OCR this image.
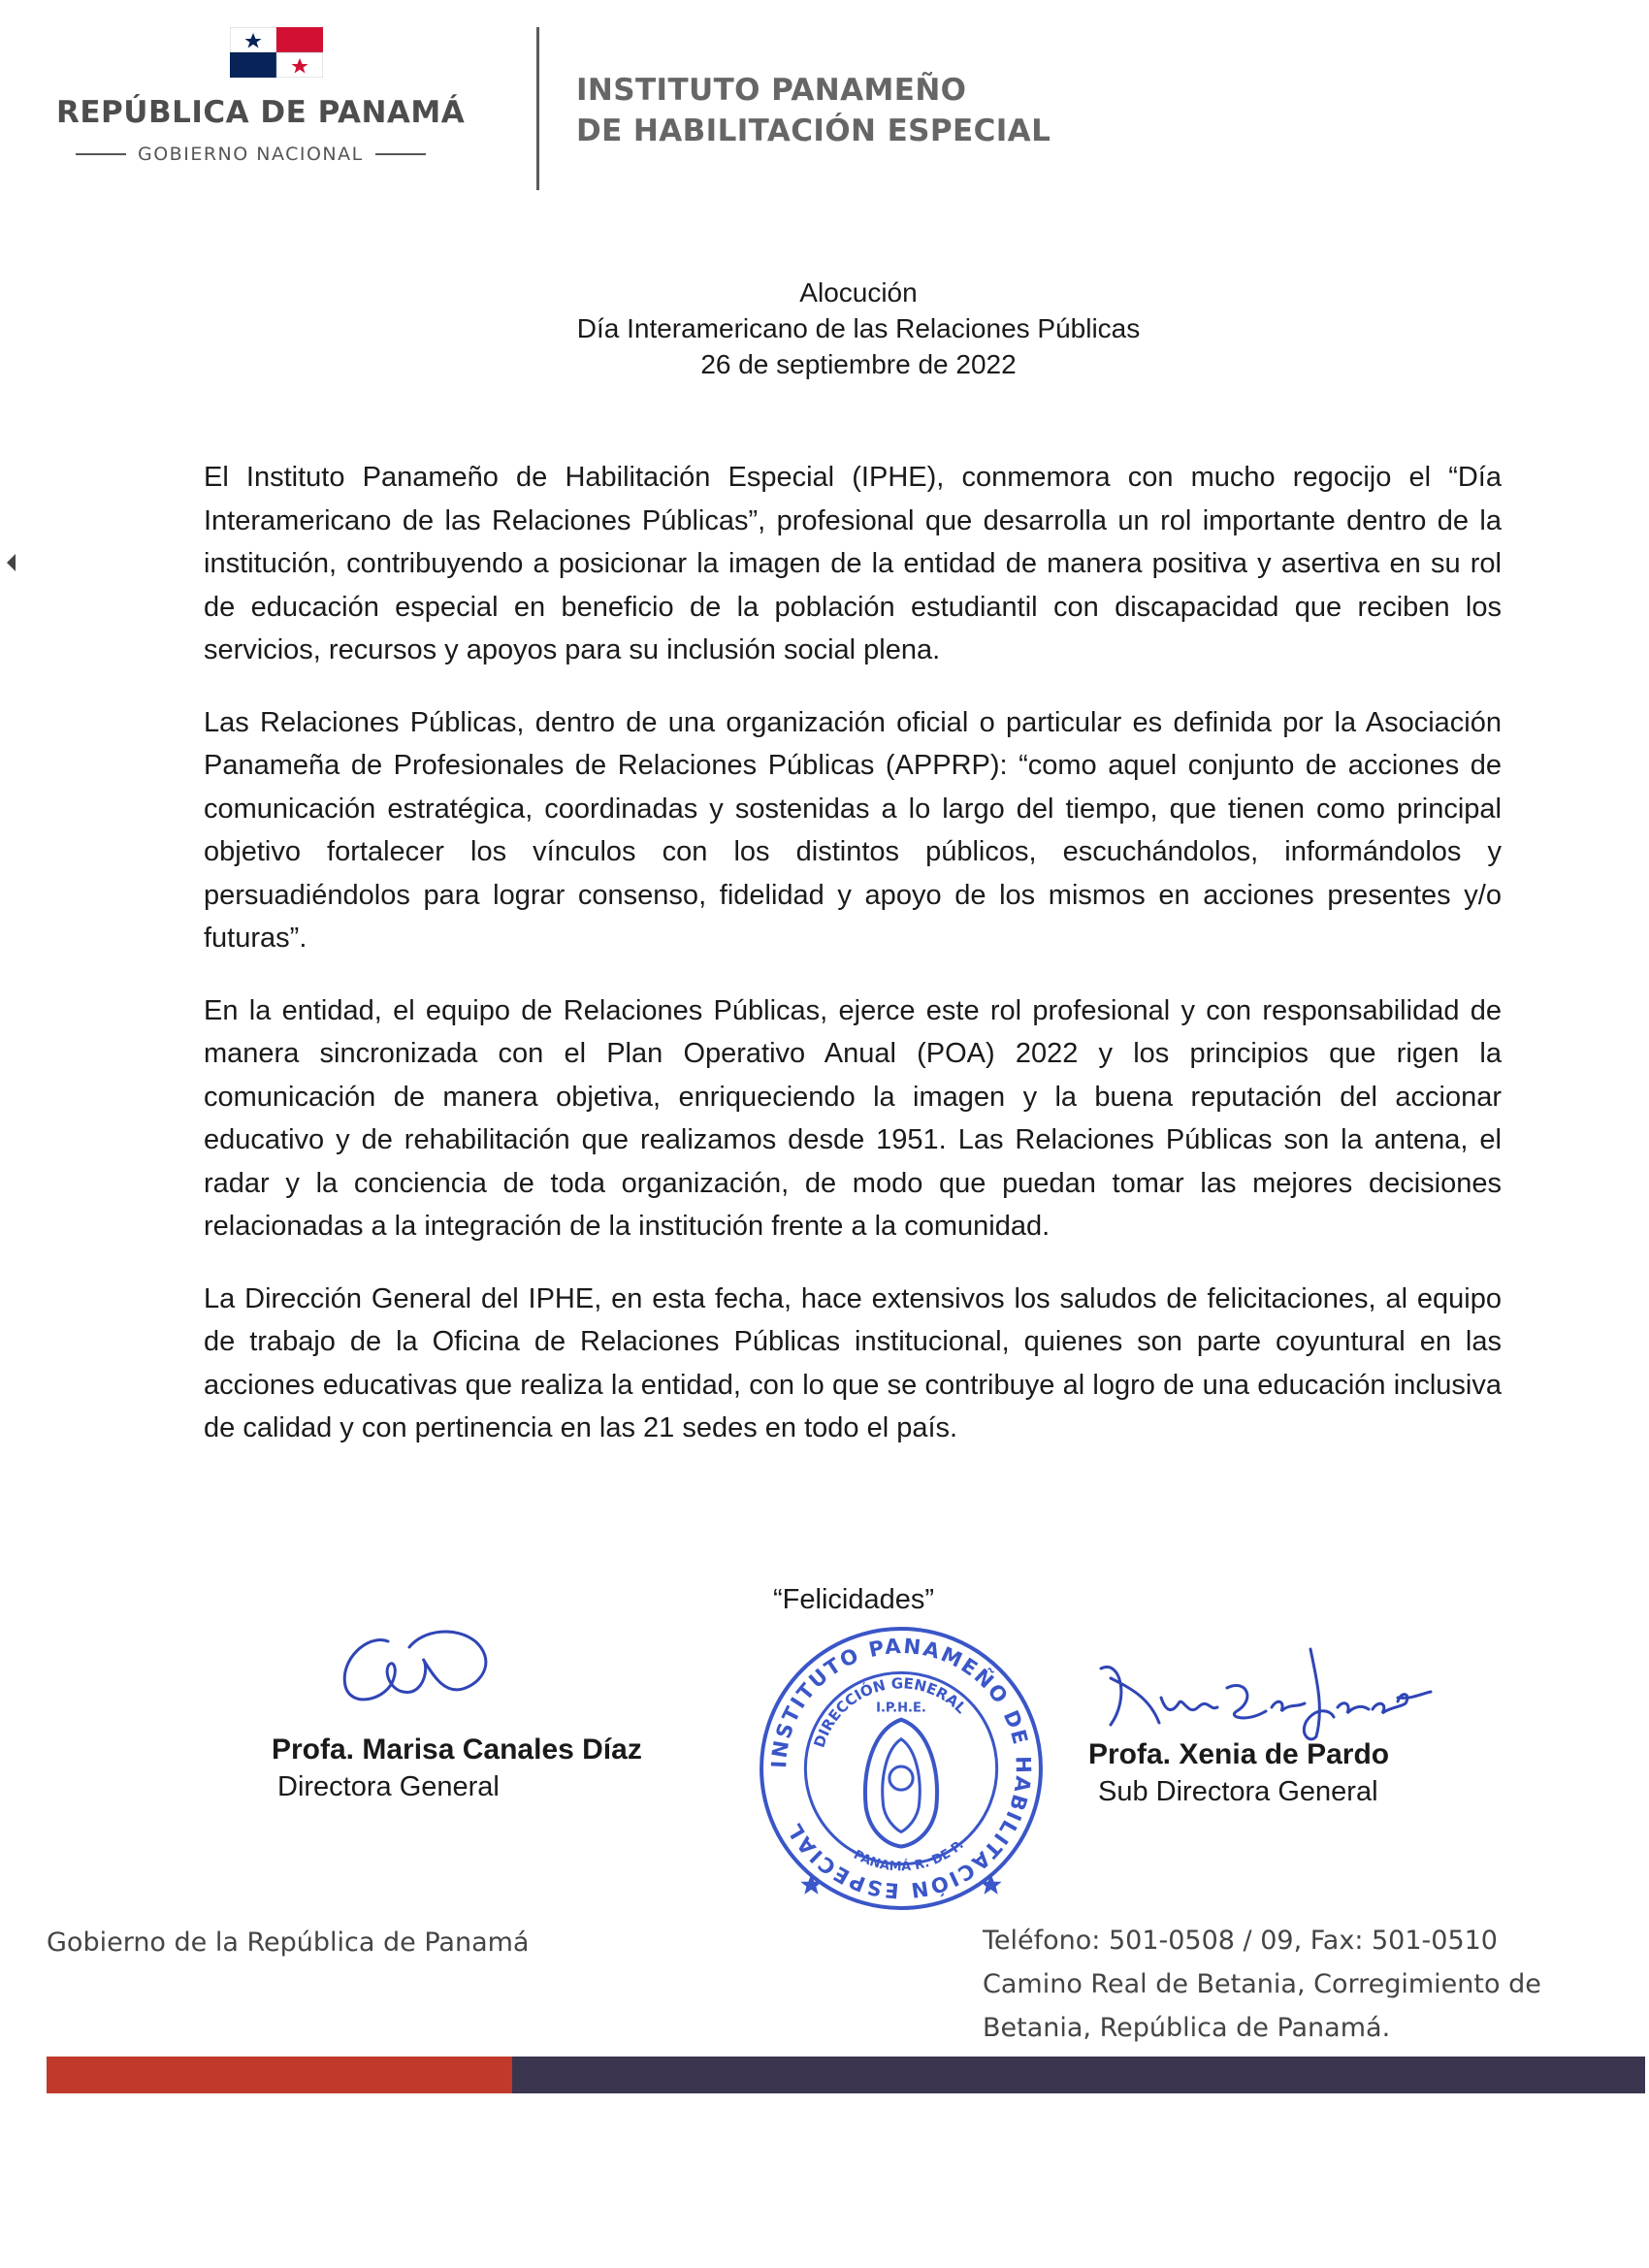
REPÚBLICA DE PANAMÁ
GOBIERNO NACIONAL
INSTITUTO PANAMEÑO
DE HABILITACIÓN ESPECIAL
Alocución
Día Interamericano de las Relaciones Públicas
26 de septiembre de 2022

El Instituto Panameño de Habilitación Especial (IPHE), conmemora con mucho regocijo el “Día Interamericano de las Relaciones Públicas”, profesional que desarrolla un rol importante dentro de la institución, contribuyendo a posicionar la imagen de la entidad de manera positiva y asertiva en su rol de educación especial en beneficio de la población estudiantil con discapacidad que reciben los servicios, recursos y apoyos para su inclusión social plena.

Las Relaciones Públicas, dentro de una organización oficial o particular es definida por la Asociación Panameña de Profesionales de Relaciones Públicas (APPRP): “como aquel conjunto de acciones de comunicación estratégica, coordinadas y sostenidas a lo largo del tiempo, que tienen como principal objetivo fortalecer los vínculos con los distintos públicos, escuchándolos, informándolos y persuadiéndolos para lograr consenso, fidelidad y apoyo de los mismos en acciones presentes y/o futuras”.

En la entidad, el equipo de Relaciones Públicas, ejerce este rol profesional y con responsabilidad de manera sincronizada con el Plan Operativo Anual (POA) 2022 y los principios que rigen la comunicación de manera objetiva, enriqueciendo la imagen y la buena reputación del accionar educativo y de rehabilitación que realizamos desde 1951. Las Relaciones Públicas son la antena, el radar y la conciencia de toda organización, de modo que puedan tomar las mejores decisiones relacionadas a la integración de la institución frente a la comunidad.

La Dirección General del IPHE, en esta fecha, hace extensivos los saludos de felicitaciones, al equipo de trabajo de la Oficina de Relaciones Públicas institucional, quienes son parte coyuntural en las acciones educativas que realiza la entidad, con lo que se contribuye al logro de una educación inclusiva de calidad y con pertinencia en las 21 sedes en todo el país.

“Felicidades”
INSTITUTO PANAMEÑO DE HABILITACIÓN ESPECIAL
DIRECCIÓN GENERAL
I.P.H.E.
PANAMÁ R. DE P.
Profa. Marisa Canales Díaz
Directora General
Profa. Xenia de Pardo
Sub Directora General
Gobierno de la República de Panamá	Teléfono: 501-0508 / 09, Fax: 501-0510
Camino Real de Betania, Corregimiento de
Betania, República de Panamá.
